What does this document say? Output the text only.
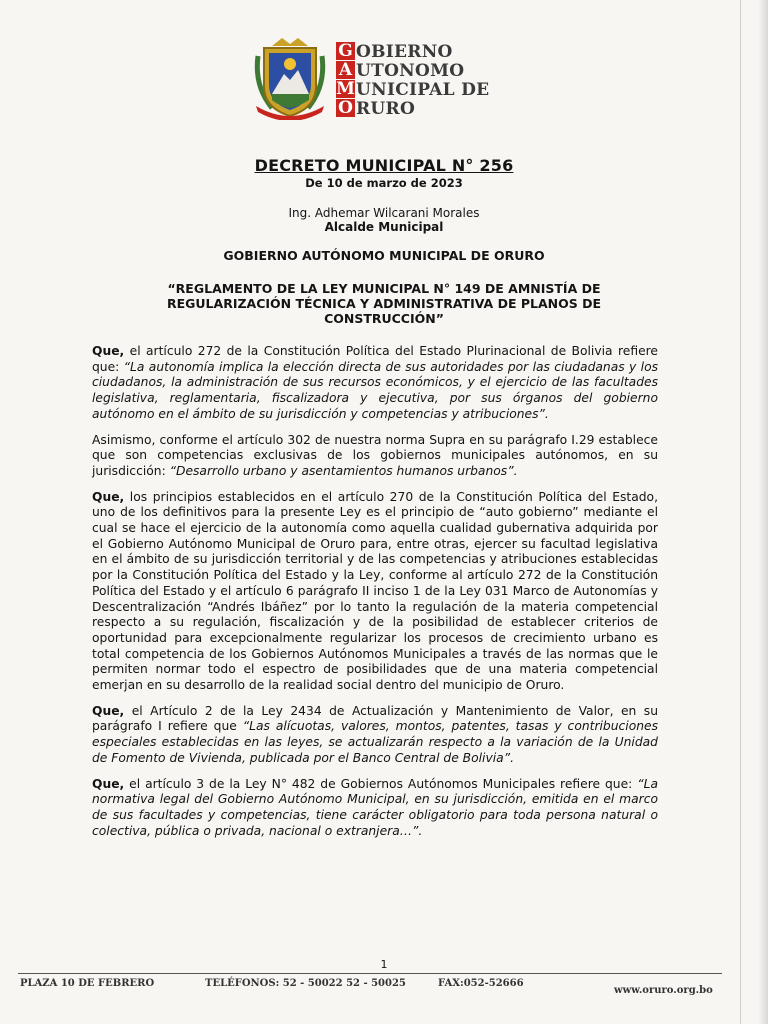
G
A
M
O
OBIERNO
UTONOMO
UNICIPAL DE
RURO
DECRETO MUNICIPAL N° 256
De 10 de marzo de 2023
Ing. Adhemar Wilcarani Morales
Alcalde Municipal
GOBIERNO AUTÓNOMO MUNICIPAL DE ORURO
“REGLAMENTO DE LA LEY MUNICIPAL N° 149 DE AMNISTÍA DE REGULARIZACIÓN TÉCNICA Y ADMINISTRATIVA DE PLANOS DE CONSTRUCCIÓN”

Que, el artículo 272 de la Constitución Política del Estado Plurinacional de Bolivia refiere que: “La autonomía implica la elección directa de sus autoridades por las ciudadanas y los ciudadanos, la administración de sus recursos económicos, y el ejercicio de las facultades legislativa, reglamentaria, fiscalizadora y ejecutiva, por sus órganos del gobierno autónomo en el ámbito de su jurisdicción y competencias y atribuciones”.

Asimismo, conforme el artículo 302 de nuestra norma Supra en su parágrafo I.29 establece que son competencias exclusivas de los gobiernos municipales autónomos, en su jurisdicción: “Desarrollo urbano y asentamientos humanos urbanos”.

Que, los principios establecidos en el artículo 270 de la Constitución Política del Estado, uno de los definitivos para la presente Ley es el principio de “auto gobierno” mediante el cual se hace el ejercicio de la autonomía como aquella cualidad gubernativa adquirida por el Gobierno Autónomo Municipal de Oruro para, entre otras, ejercer su facultad legislativa en el ámbito de su jurisdicción territorial y de las competencias y atribuciones establecidas por la Constitución Política del Estado y la Ley, conforme al artículo 272 de la Constitución Política del Estado y el artículo 6 parágrafo II inciso 1 de la Ley 031 Marco de Autonomías y Descentralización “Andrés Ibáñez” por lo tanto la regulación de la materia competencial respecto a su regulación, fiscalización y de la posibilidad de establecer criterios de oportunidad para excepcionalmente regularizar los procesos de crecimiento urbano es total competencia de los Gobiernos Autónomos Municipales a través de las normas que le permiten normar todo el espectro de posibilidades que de una materia competencial emerjan en su desarrollo de la realidad social dentro del municipio de Oruro.

Que, el Artículo 2 de la Ley 2434 de Actualización y Mantenimiento de Valor, en su parágrafo I refiere que “Las alícuotas, valores, montos, patentes, tasas y contribuciones especiales establecidas en las leyes, se actualizarán respecto a la variación de la Unidad de Fomento de Vivienda, publicada por el Banco Central de Bolivia”.

Que, el artículo 3 de la Ley N° 482 de Gobiernos Autónomos Municipales refiere que: “La normativa legal del Gobierno Autónomo Municipal, en su jurisdicción, emitida en el marco de sus facultades y competencias, tiene carácter obligatorio para toda persona natural o colectiva, pública o privada, nacional o extranjera…”.

1
PLAZA 10 DE FEBRERO	TELÉFONOS: 52 - 50022 52 - 50025	FAX:052-52666
www.oruro.org.bo
